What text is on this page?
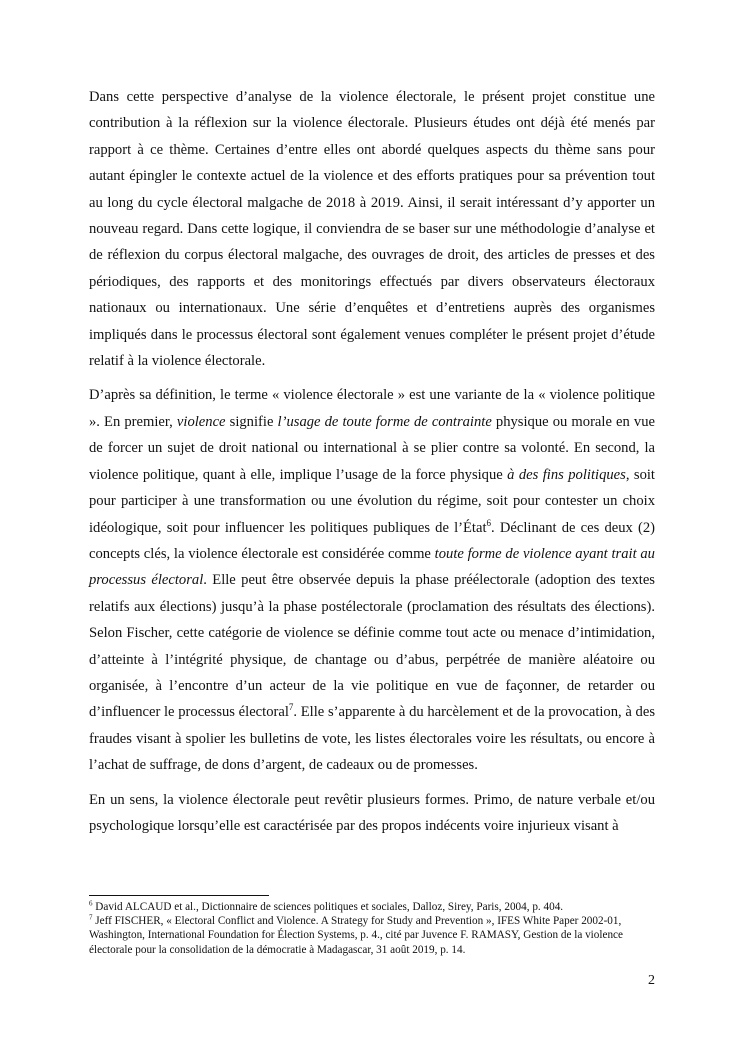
Dans cette perspective d’analyse de la violence électorale, le présent projet constitue une contribution à la réflexion sur la violence électorale. Plusieurs études ont déjà été menés par rapport à ce thème. Certaines d’entre elles ont abordé quelques aspects du thème sans pour autant épingler le contexte actuel de la violence et des efforts pratiques pour sa prévention tout au long du cycle électoral malgache de 2018 à 2019. Ainsi, il serait intéressant d’y apporter un nouveau regard. Dans cette logique, il conviendra de se baser sur une méthodologie d’analyse et de réflexion du corpus électoral malgache, des ouvrages de droit, des articles de presses et des périodiques, des rapports et des monitorings effectués par divers observateurs électoraux nationaux ou internationaux. Une série d’enquêtes et d’entretiens auprès des organismes impliqués dans le processus électoral sont également venues compléter le présent projet d’étude relatif à la violence électorale.

D’après sa définition, le terme « violence électorale » est une variante de la « violence politique ». En premier, violence signifie l’usage de toute forme de contrainte physique ou morale en vue de forcer un sujet de droit national ou international à se plier contre sa volonté. En second, la violence politique, quant à elle, implique l’usage de la force physique à des fins politiques, soit pour participer à une transformation ou une évolution du régime, soit pour contester un choix idéologique, soit pour influencer les politiques publiques de l’État$^6$. Déclinant de ces deux (2) concepts clés, la violence électorale est considérée comme toute forme de violence ayant trait au processus électoral. Elle peut être observée depuis la phase préélectorale (adoption des textes relatifs aux élections) jusqu’à la phase postélectorale (proclamation des résultats des élections). Selon Fischer, cette catégorie de violence se définie comme tout acte ou menace d’intimidation, d’atteinte à l’intégrité physique, de chantage ou d’abus, perpétrée de manière aléatoire ou organisée, à l’encontre d’un acteur de la vie politique en vue de façonner, de retarder ou d’influencer le processus électoral$^7$. Elle s’apparente à du harcèlement et de la provocation, à des fraudes visant à spolier les bulletins de vote, les listes électorales voire les résultats, ou encore à l’achat de suffrage, de dons d’argent, de cadeaux ou de promesses.

En un sens, la violence électorale peut revêtir plusieurs formes. Primo, de nature verbale et/ou psychologique lorsqu’elle est caractérisée par des propos indécents voire injurieux visant à

$^6$ David ALCAUD et al., Dictionnaire de sciences politiques et sociales, Dalloz, Sirey, Paris, 2004, p. 404.

$^7$ Jeff FISCHER, « Electoral Conflict and Violence. A Strategy for Study and Prevention », IFES White Paper 2002-01, Washington, International Foundation for Élection Systems, p. 4., cité par Juvence F. RAMASY, Gestion de la violence électorale pour la consolidation de la démocratie à Madagascar, 31 août 2019, p. 14.

2
